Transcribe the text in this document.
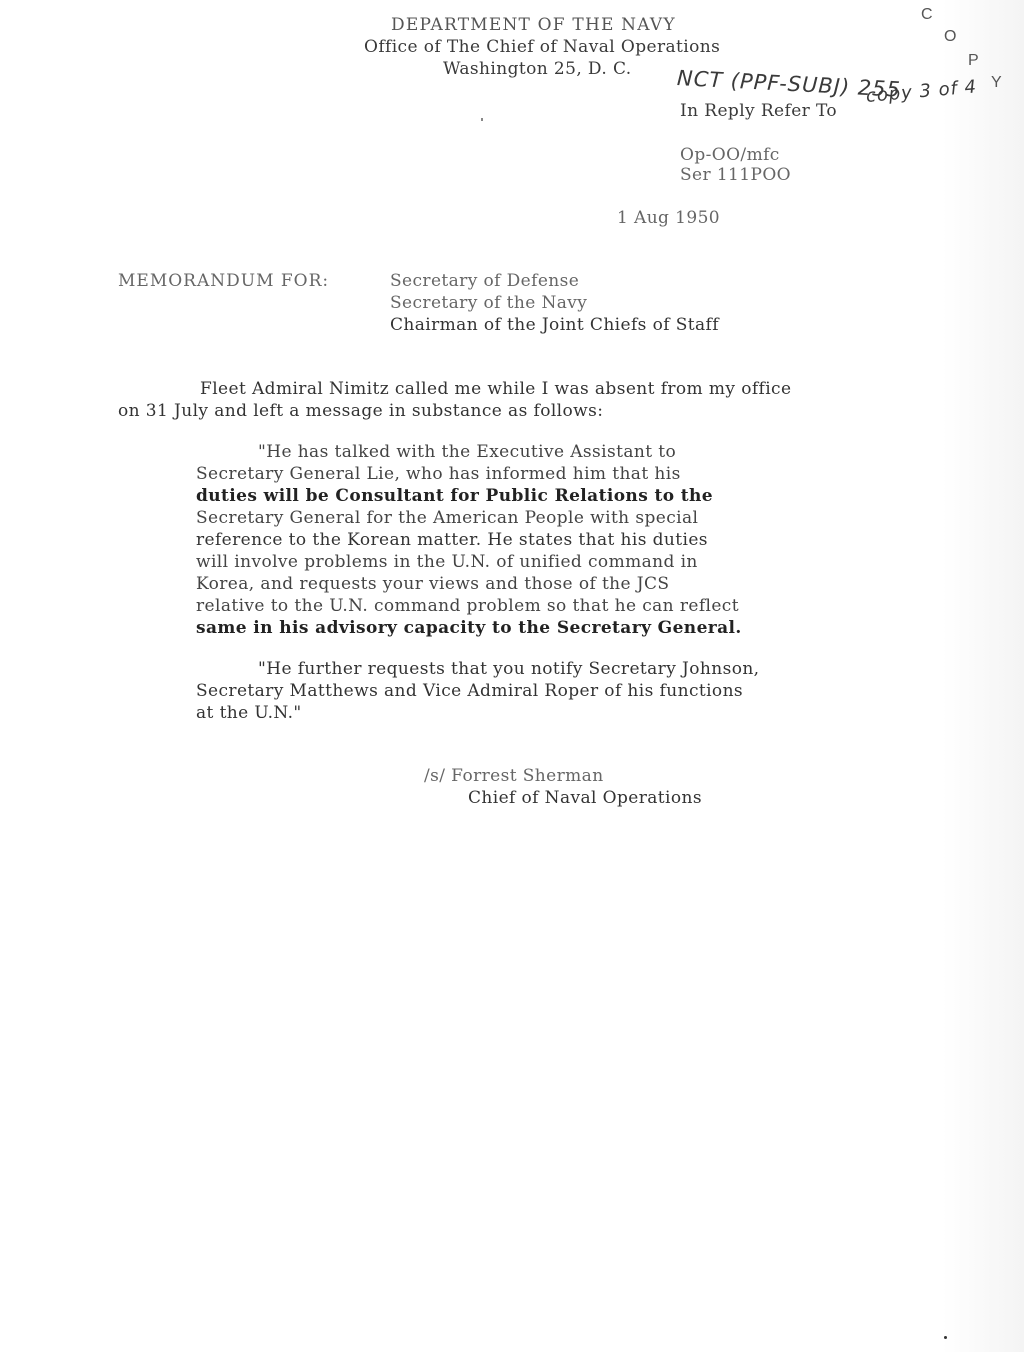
DEPARTMENT OF THE NAVY
Office of The Chief of Naval Operations
Washington 25, D. C.
C
O
P
Y
NCT (PPF-SUBJ) 255
copy 3 of 4
In Reply Refer To
Op-OO/mfc
Ser 111POO
1 Aug 1950
MEMORANDUM FOR:	Secretary of Defense
Secretary of the Navy
Chairman of the Joint Chiefs of Staff
Fleet Admiral Nimitz called me while I was absent from my office
on 31 July and left a message in substance as follows:
"He has talked with the Executive Assistant to
Secretary General Lie, who has informed him that his
duties will be Consultant for Public Relations to the
Secretary General for the American People with special
reference to the Korean matter. He states that his duties
will involve problems in the U.N. of unified command in
Korea, and requests your views and those of the JCS
relative to the U.N. command problem so that he can reflect
same in his advisory capacity to the Secretary General.
"He further requests that you notify Secretary Johnson,
Secretary Matthews and Vice Admiral Roper of his functions
at the U.N."
/s/ Forrest Sherman
Chief of Naval Operations
